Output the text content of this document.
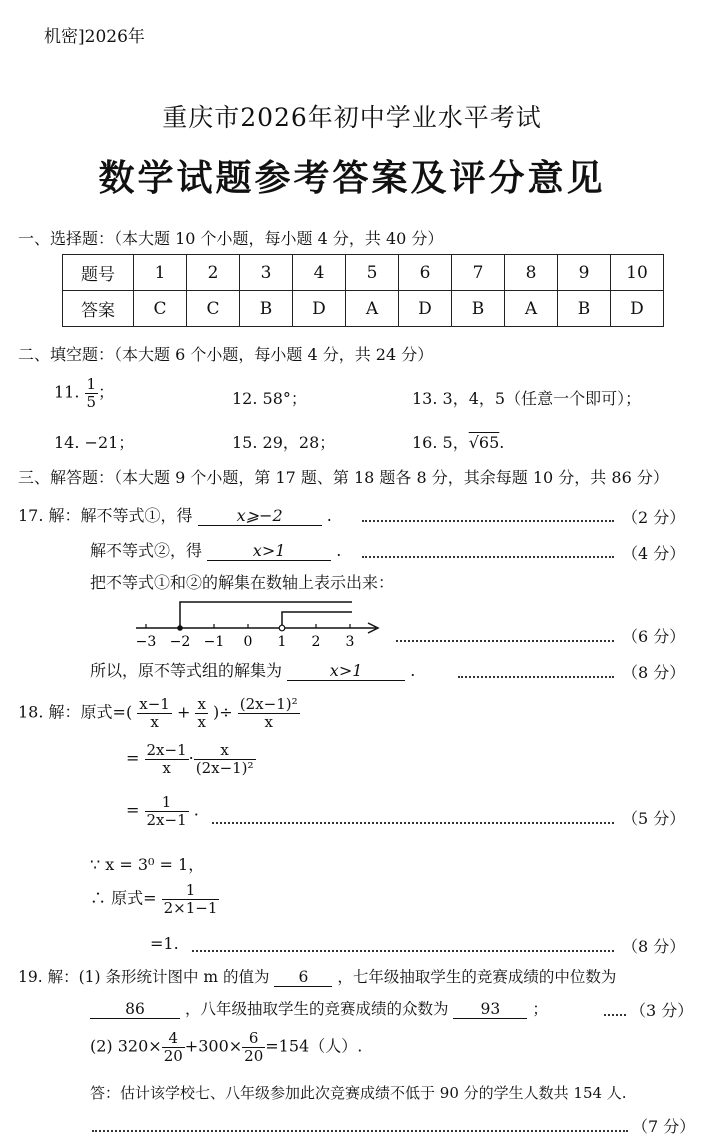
机密]2026年
重庆市2026年初中学业水平考试
数学试题参考答案及评分意见
一、选择题：（本大题 10 个小题，每小题 4 分，共 40 分）
题号	1	2	3	4	5	6	7	8	9	10
答案	C	C	B	D	A	D	B	A	B	D
二、填空题：（本大题 6 个小题，每小题 4 分，共 24 分）
11. $\frac{1}{5}$ ；	12. 58°；	13. 3，4，5（任意一个即可）；
14. −21；	15. 29，28；	16. 5，√65.
三、解答题：（本大题 9 个小题，第 17 题、第 18 题各 8 分，其余每题 10 分，共 86 分）
17. 解：解不等式①，得	x⩾−2	.	（2 分）
解不等式②，得	x>1	.	（4 分）
把不等式①和②的解集在数轴上表示出来：
−3 −2 −1 0 1 2 3	（6 分）
所以，原不等式组的解集为	x>1	.	（8 分）
18. 解：原式=( $\frac{x-1}{x} + \frac{x}{x}$ )÷ $\frac{\text{(2x−1)²}}{x}$
= $\frac{2x-1}{x} \cdot \frac{x}{\text{(2x−1)²}}$
= $\frac{1}{2x-1}$ .	（5 分）
∵ x = 3⁰ = 1，
∴ 原式= $\frac{1}{2\times 1-1}$
=1.	（8 分）
19. 解：(1) 条形统计图中 m 的值为 6 ，七年级抽取学生的竞赛成绩的中位数为
86	，八年级抽取学生的竞赛成绩的众数为 93 ；	（3 分）
(2) $320\times \frac{4}{20} +300\times \frac{6}{20} =154$（人）.
答：估计该学校七、八年级参加此次竞赛成绩不低于 90 分的学生人数共 154 人.
（7 分）
